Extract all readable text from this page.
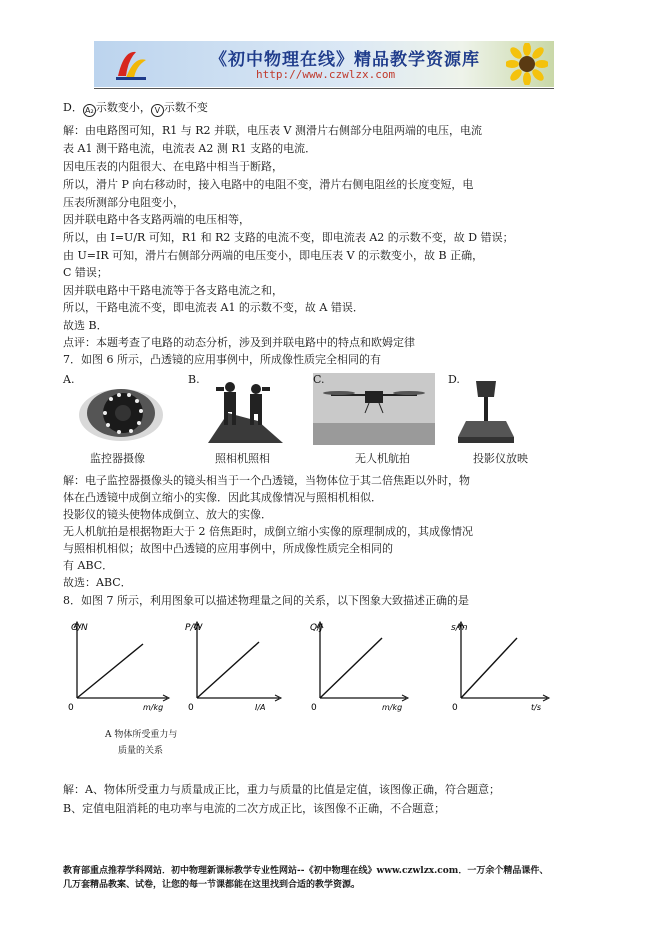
《初中物理在线》精品教学资源库
http://www.czwlzx.com
D． A₂ 示数变小， V 示数不变
解：由电路图可知，R1 与 R2 并联，电压表 V 测滑片右侧部分电阻两端的电压，电流
表 A1 测干路电流，电流表 A2 测 R1 支路的电流．
因电压表的内阻很大、在电路中相当于断路，
所以，滑片 P 向右移动时，接入电路中的电阻不变，滑片右侧电阻丝的长度变短，电
压表所测部分电阻变小，
因并联电路中各支路两端的电压相等，
所以，由 I=U/R 可知，R1 和 R2 支路的电流不变，即电流表 A2 的示数不变，故 D 错误；
由 U=IR 可知，滑片右侧部分两端的电压变小，即电压表 V 的示数变小，故 B 正确，
C 错误；
因并联电路中干路电流等于各支路电流之和，
所以，干路电流不变，即电流表 A1 的示数不变，故 A 错误．
故选 B．
点评：本题考查了电路的动态分析，涉及到并联电路中的特点和欧姆定律
7．如图 6 所示，凸透镜的应用事例中，所成像性质完全相同的有
A.	B.	C.	D.
监控器摄像	照相机照相	无人机航拍	投影仪放映
解：电子监控器摄像头的镜头相当于一个凸透镜，当物体位于其二倍焦距以外时，物
体在凸透镜中成倒立缩小的实像．因此其成像情况与照相机相似．
投影仪的镜头使物体成倒立、放大的实像．
无人机航拍是根据物距大于 2 倍焦距时，成倒立缩小实像的原理制成的，其成像情况
与照相机相似；故图中凸透镜的应用事例中，所成像性质完全相同的
有 ABC．
故选：ABC．
8．如图 7 所示，利用图象可以描述物理量之间的关系，以下图象大致描述正确的是
G/N
0	m/kg
P/W
0	I/A
Q/J
0	m/kg
s/m
0	t/s
A 物体所受重力与
质量的关系
解：A、物体所受重力与质量成正比，重力与质量的比值是定值，该图像正确，符合题意；
B、定值电阻消耗的电功率与电流的二次方成正比，该图像不正确，不合题意；
教育部重点推荐学科网站．初中物理新课标教学专业性网站--《初中物理在线》www.czwlzx.com．一万余个精品课件、
几万套精品教案、试卷，让您的每一节课都能在这里找到合适的教学资源。
